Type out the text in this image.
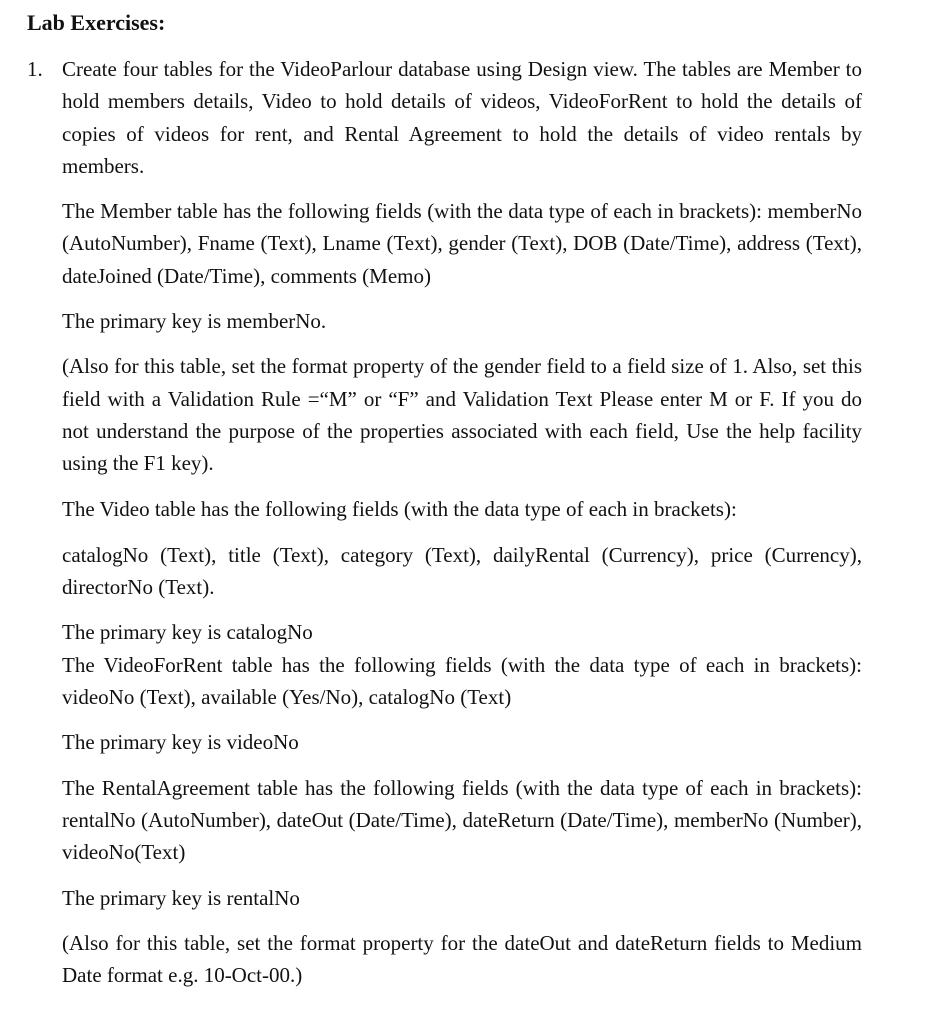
Lab Exercises:
1. Create four tables for the VideoParlour database using Design view. The tables are Member to hold members details, Video to hold details of videos, VideoForRent to hold the details of copies of videos for rent, and Rental Agreement to hold the details of video rentals by members.

The Member table has the following fields (with the data type of each in brackets): memberNo (AutoNumber), Fname (Text), Lname (Text), gender (Text), DOB (Date/Time), address (Text), dateJoined (Date/Time), comments (Memo)

The primary key is memberNo.

(Also for this table, set the format property of the gender field to a field size of 1. Also, set this field with a Validation Rule =“M” or “F” and Validation Text Please enter M or F. If you do not understand the purpose of the properties associated with each field, Use the help facility using the F1 key).

The Video table has the following fields (with the data type of each in brackets):

catalogNo (Text), title (Text), category (Text), dailyRental (Currency), price (Currency), directorNo (Text).

The primary key is catalogNo

The VideoForRent table has the following fields (with the data type of each in brackets): videoNo (Text), available (Yes/No), catalogNo (Text)

The primary key is videoNo

The RentalAgreement table has the following fields (with the data type of each in brackets): rentalNo (AutoNumber), dateOut (Date/Time), dateReturn (Date/Time), memberNo (Number), videoNo(Text)

The primary key is rentalNo

(Also for this table, set the format property for the dateOut and dateReturn fields to Medium Date format e.g. 10-Oct-00.)
